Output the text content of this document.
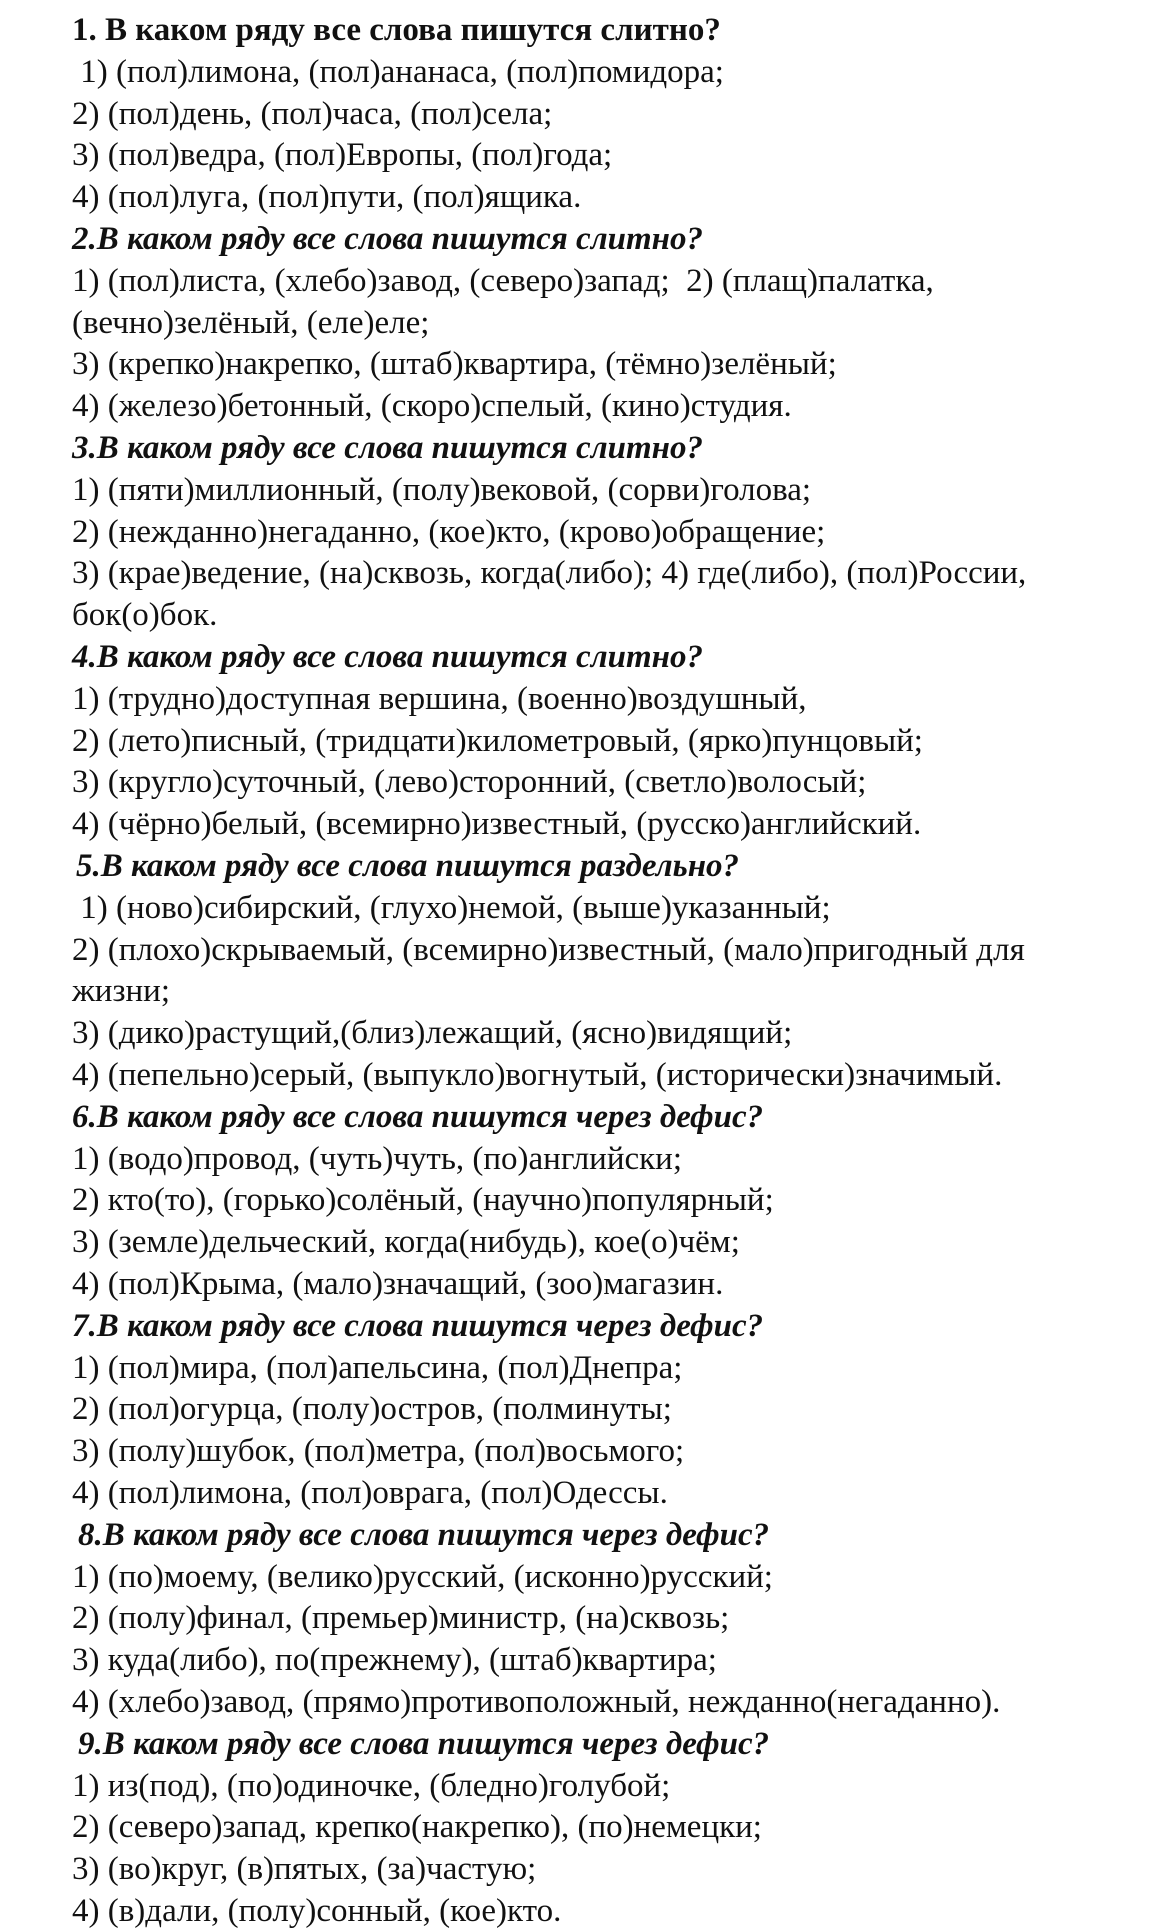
1. В каком ряду все слова пишутся слитно?
1) (пол)лимона, (пол)ананаса, (пол)помидора;
2) (пол)день, (пол)часа, (пол)села;
3) (пол)ведра, (пол)Европы, (пол)года;
4) (пол)луга, (пол)пути, (пол)ящика.
2.В каком ряду все слова пишутся слитно?
1) (пол)листа, (хлебо)завод, (северо)запад;  2) (плащ)палатка,
(вечно)зелёный, (еле)еле;
3) (крепко)накрепко, (штаб)квартира, (тёмно)зелёный;
4) (железо)бетонный, (скоро)спелый, (кино)студия.
3.В каком ряду все слова пишутся слитно?
1) (пяти)миллионный, (полу)вековой, (сорви)голова;
2) (нежданно)негаданно, (кое)кто, (крово)обращение;
3) (крае)ведение, (на)сквозь, когда(либо); 4) где(либо), (пол)России,
бок(о)бок.
4.В каком ряду все слова пишутся слитно?
1) (трудно)доступная вершина, (военно)воздушный,
2) (лето)писный, (тридцати)километровый, (ярко)пунцовый;
3) (кругло)суточный, (лево)сторонний, (светло)волосый;
4) (чёрно)белый, (всемирно)известный, (русско)английский.
5.В каком ряду все слова пишутся раздельно?
1) (ново)сибирский, (глухо)немой, (выше)указанный;
2) (плохо)скрываемый, (всемирно)известный, (мало)пригодный для
жизни;
3) (дико)растущий,(близ)лежащий, (ясно)видящий;
4) (пепельно)серый, (выпукло)вогнутый, (исторически)значимый.
6.В каком ряду все слова пишутся через дефис?
1) (водо)провод, (чуть)чуть, (по)английски;
2) кто(то), (горько)солёный, (научно)популярный;
3) (земле)дельческий, когда(нибудь), кое(о)чём;
4) (пол)Крыма, (мало)значащий, (зоо)магазин.
7.В каком ряду все слова пишутся через дефис?
1) (пол)мира, (пол)апельсина, (пол)Днепра;
2) (пол)огурца, (полу)остров, (полминуты;
3) (полу)шубок, (пол)метра, (пол)восьмого;
4) (пол)лимона, (пол)оврага, (пол)Одессы.
8.В каком ряду все слова пишутся через дефис?
1) (по)моему, (велико)русский, (исконно)русский;
2) (полу)финал, (премьер)министр, (на)сквозь;
3) куда(либо), по(прежнему), (штаб)квартира;
4) (хлебо)завод, (прямо)противоположный, нежданно(негаданно).
9.В каком ряду все слова пишутся через дефис?
1) из(под), (по)одиночке, (бледно)голубой;
2) (северо)запад, крепко(накрепко), (по)немецки;
3) (во)круг, (в)пятых, (за)частую;
4) (в)дали, (полу)сонный, (кое)кто.
